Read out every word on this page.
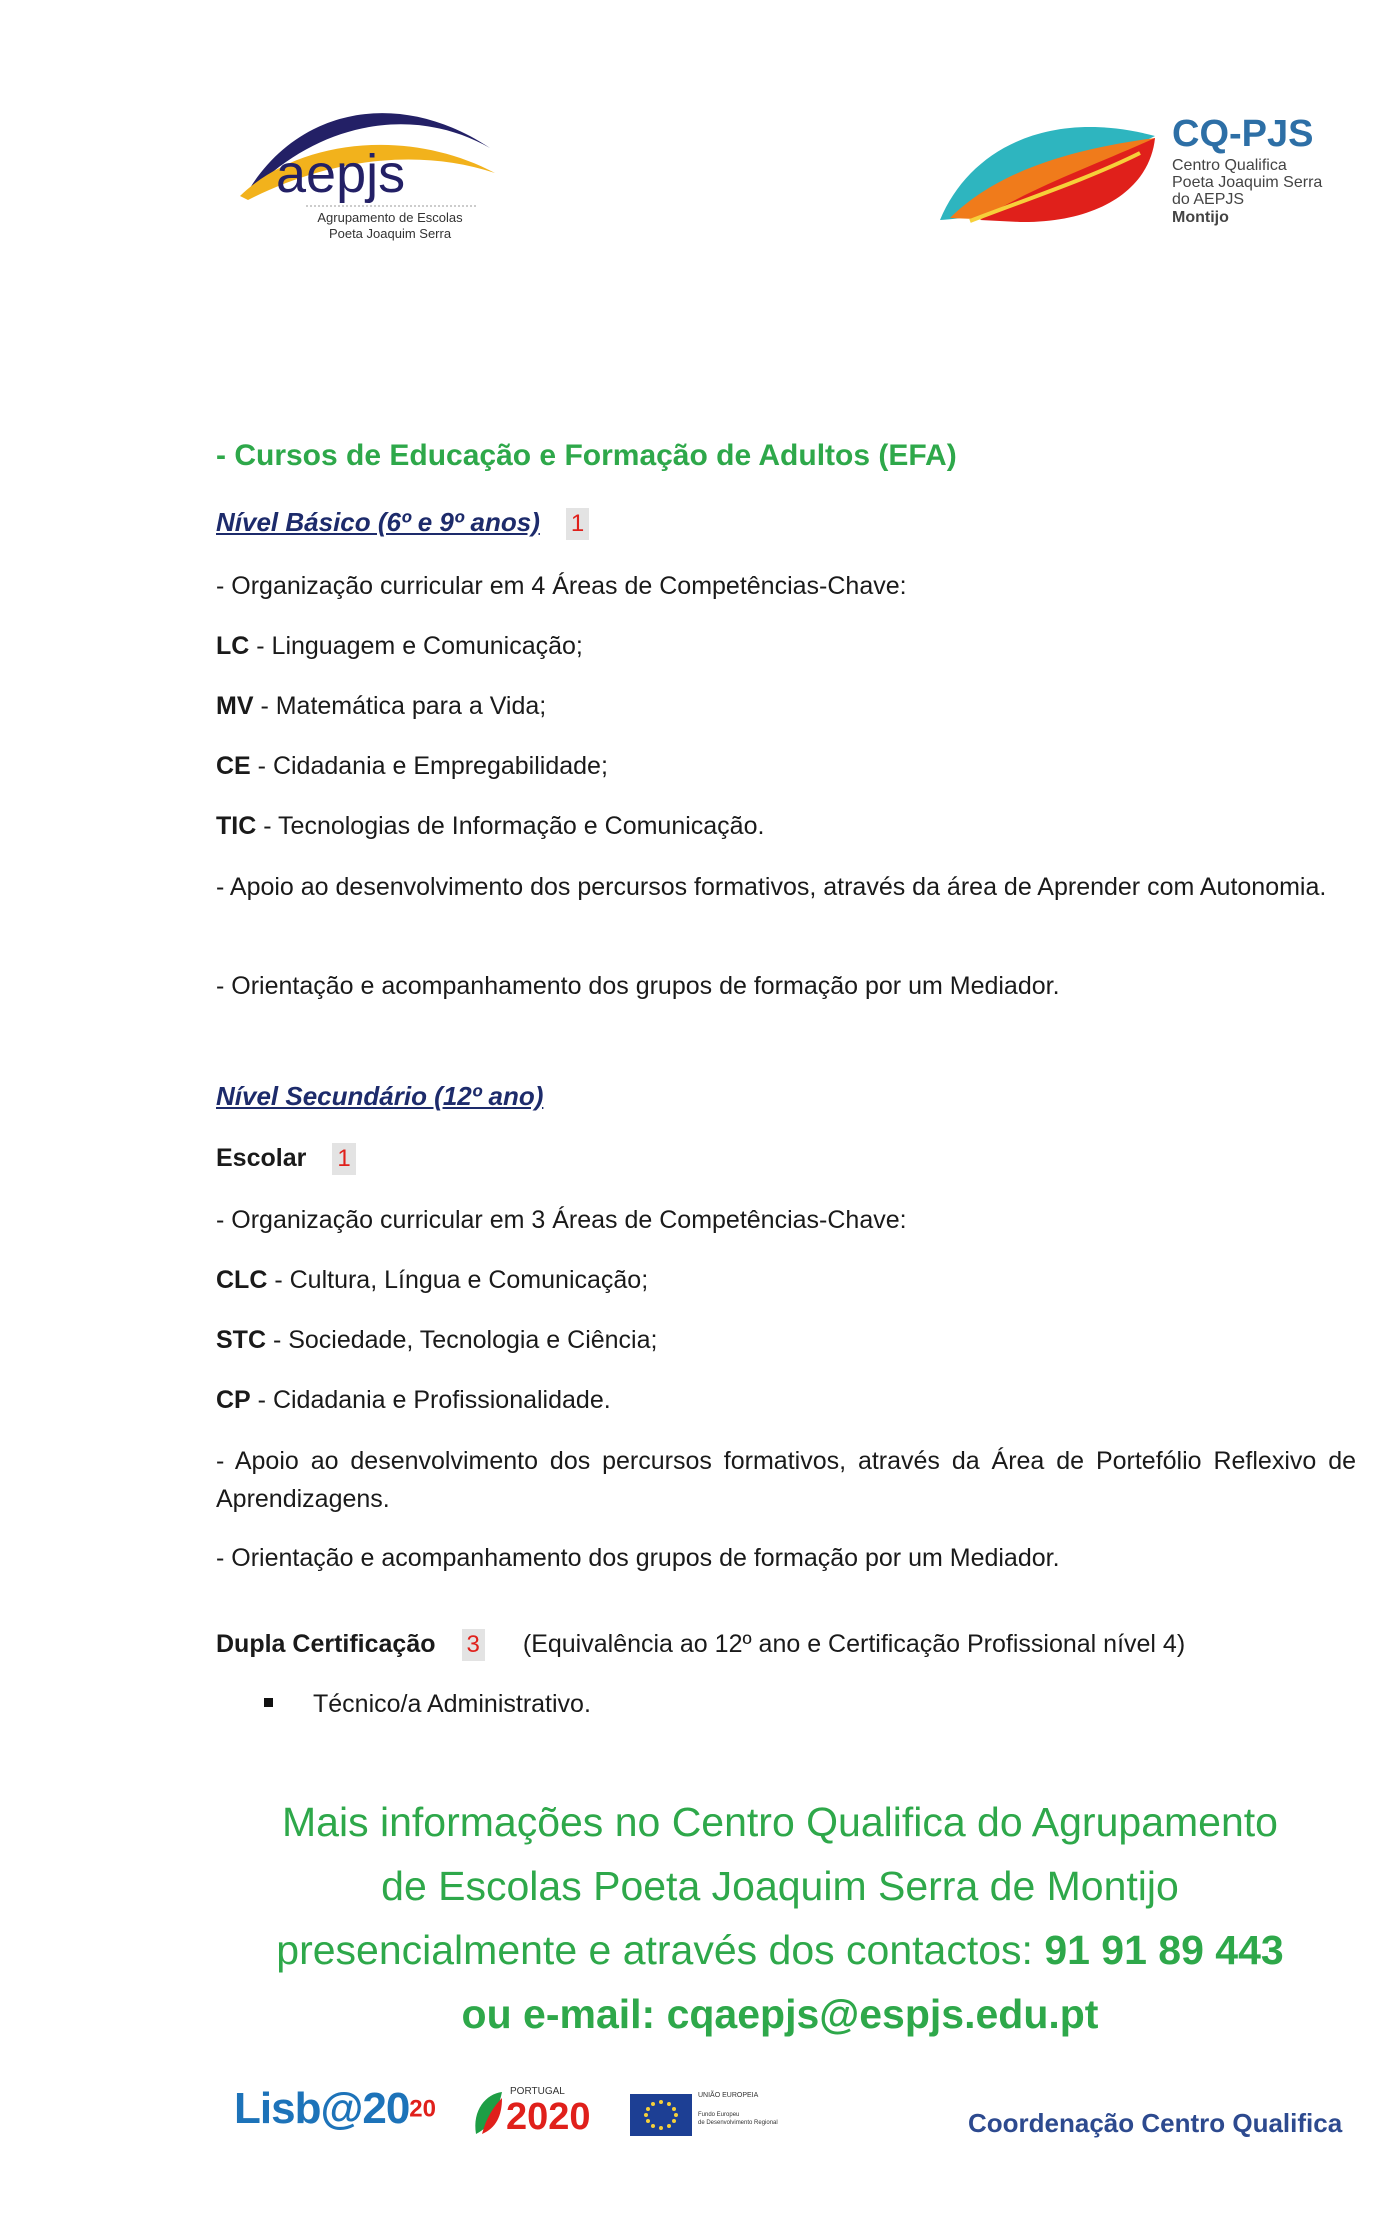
aepjs
Agrupamento de Escolas
Poeta Joaquim Serra
CQ-PJS
Centro Qualifica
Poeta Joaquim Serra
do AEPJS
Montijo
- Cursos de Educação e Formação de Adultos (EFA)
Nível Básico (6º e 9º anos) 1
- Organização curricular em 4 Áreas de Competências-Chave:
LC - Linguagem e Comunicação;
MV - Matemática para a Vida;
CE - Cidadania e Empregabilidade;
TIC - Tecnologias de Informação e Comunicação.
- Apoio ao desenvolvimento dos percursos formativos, através da área de Aprender com Autonomia.
- Orientação e acompanhamento dos grupos de formação por um Mediador.
Nível Secundário (12º ano)
Escolar 1
- Organização curricular em 3 Áreas de Competências-Chave:
CLC - Cultura, Língua e Comunicação;
STC - Sociedade, Tecnologia e Ciência;
CP - Cidadania e Profissionalidade.
- Apoio ao desenvolvimento dos percursos formativos, através da Área de Portefólio Reflexivo de Aprendizagens.
- Orientação e acompanhamento dos grupos de formação por um Mediador.
Dupla Certificação 3 (Equivalência ao 12º ano e Certificação Profissional nível 4)
Técnico/a Administrativo.
Mais informações no Centro Qualifica do Agrupamento
de Escolas Poeta Joaquim Serra de Montijo
presencialmente e através dos contactos: 91 91 89 443
ou e-mail: cqaepjs@espjs.edu.pt
$Lisb@20^{20}$
PORTUGAL
2020
UNIÃO EUROPEIA
Fundo Europeu
de Desenvolvimento Regional	Coordenação Centro Qualifica
